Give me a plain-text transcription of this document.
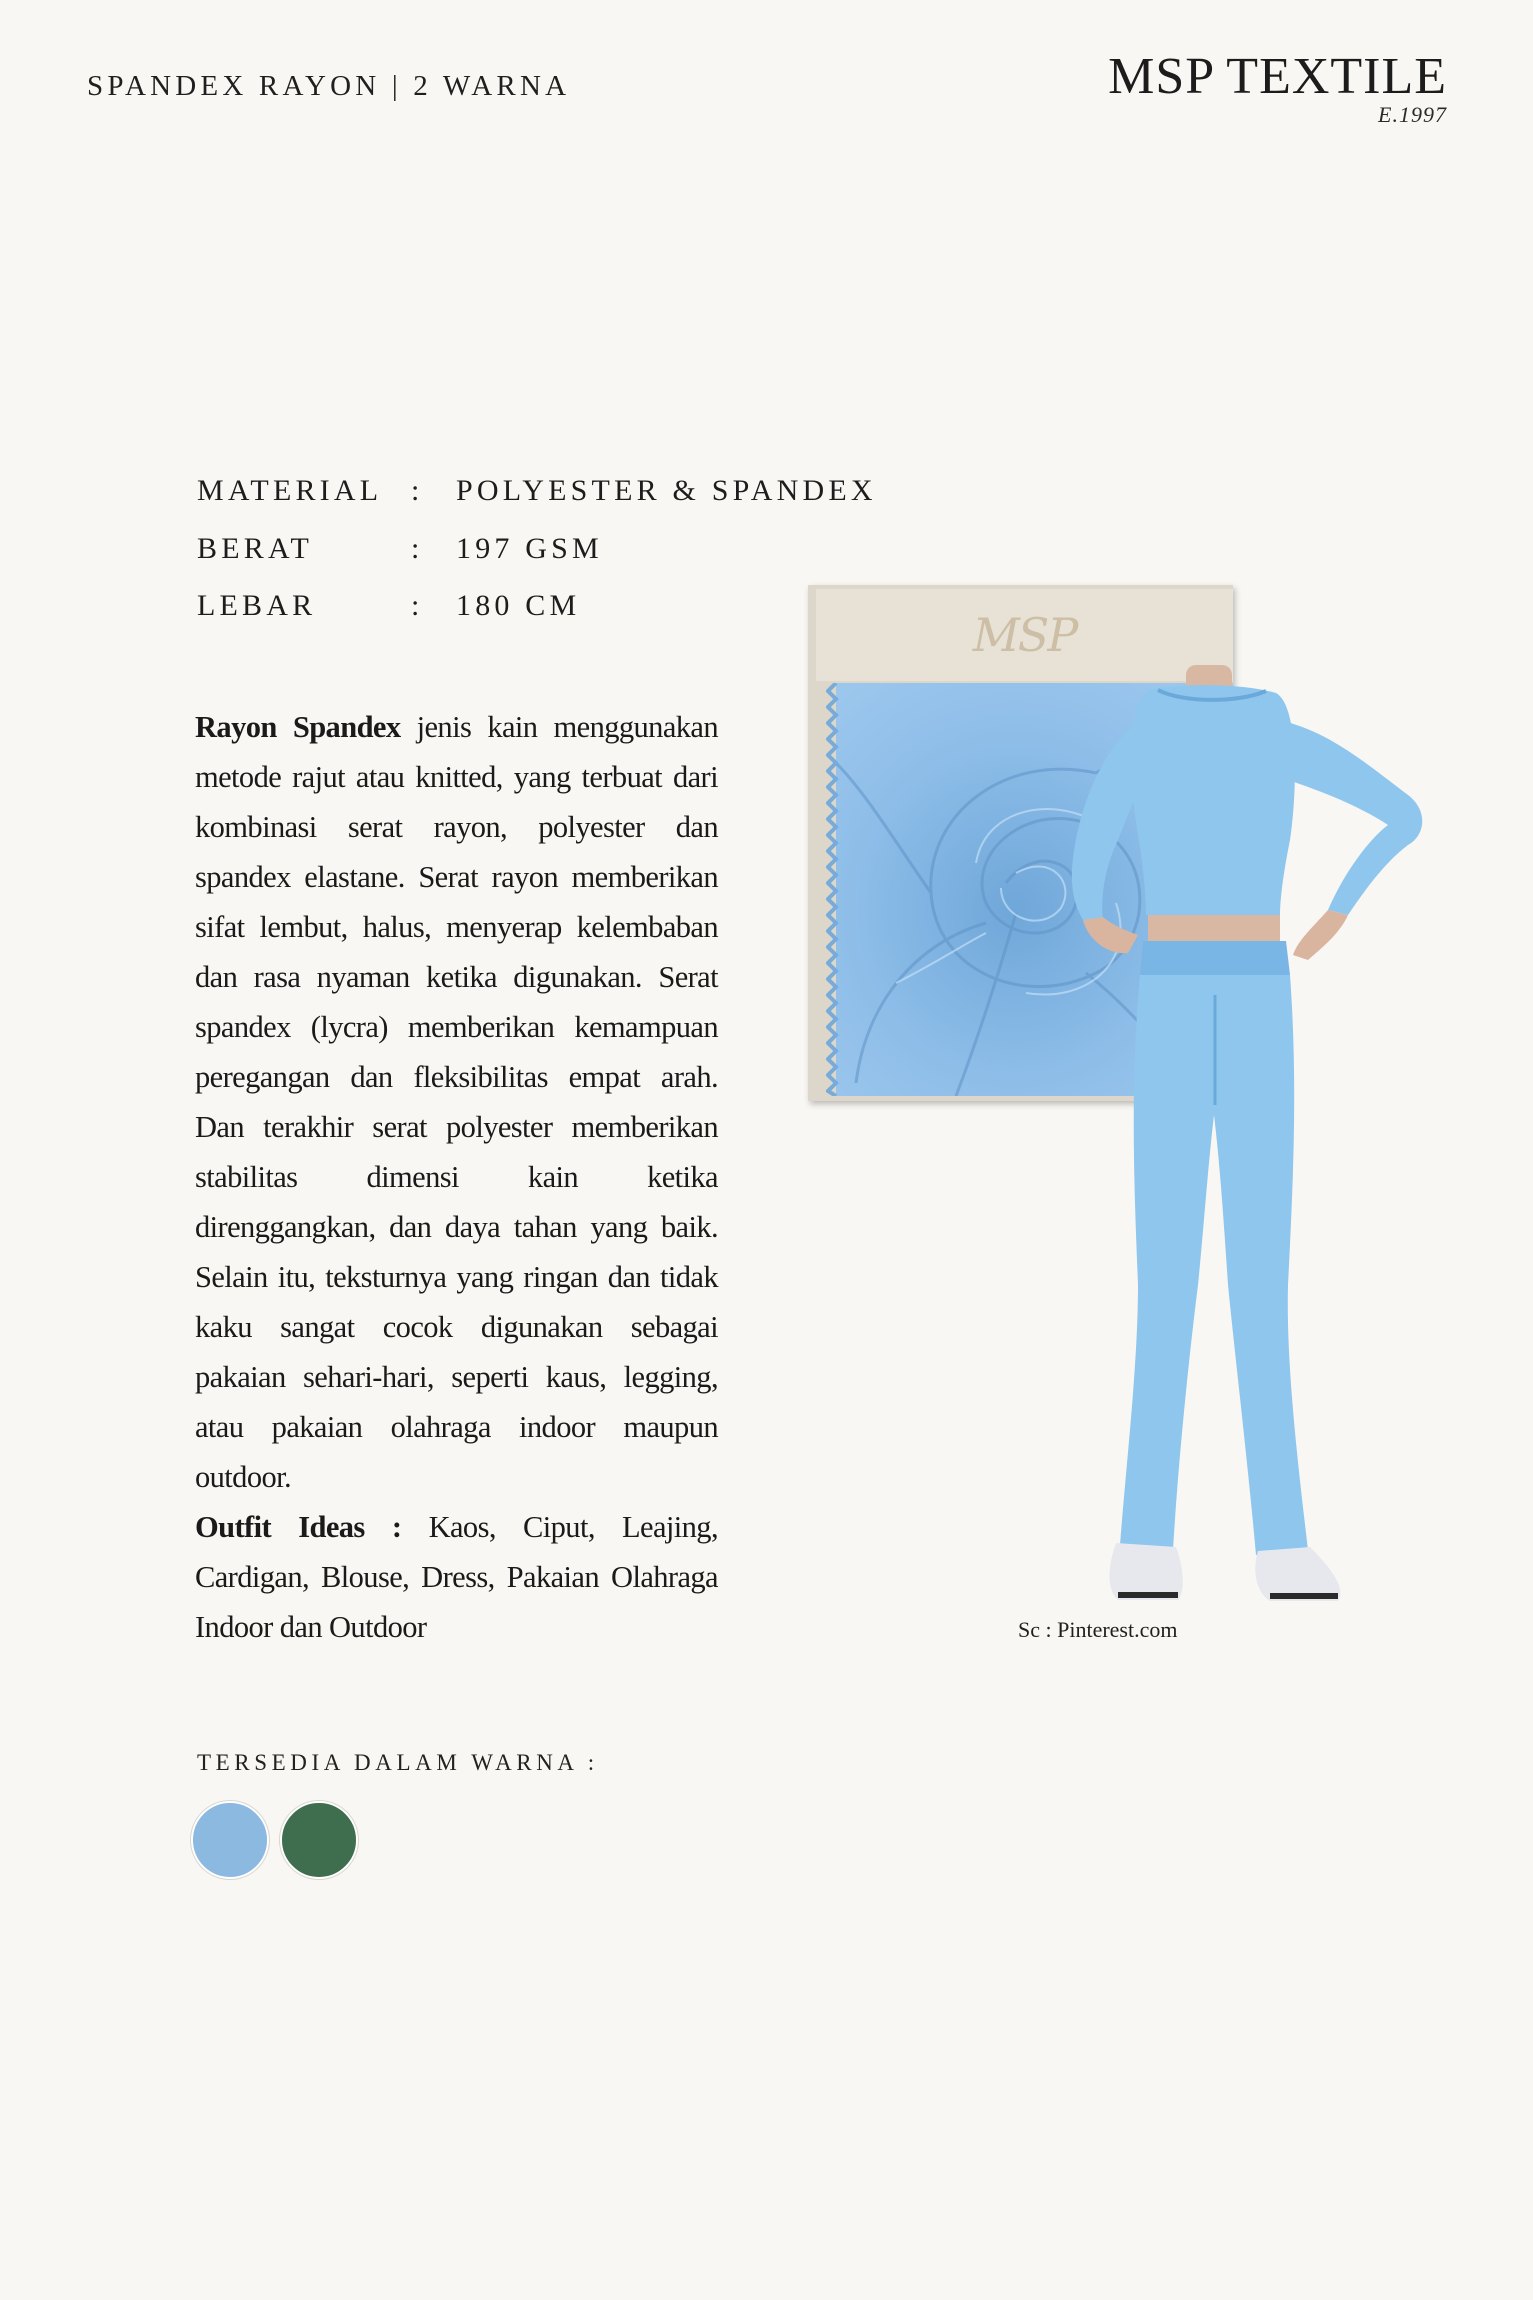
SPANDEX RAYON | 2 WARNA	MSP TEXTILE
E.1997
MATERIAL : POLYESTER & SPANDEX
BERAT	: 197 GSM
LEBAR	: 180 CM
Rayon Spandex jenis kain menggunakan metode rajut atau knitted, yang terbuat dari kombinasi serat rayon, polyester dan spandex elastane. Serat rayon memberikan sifat lembut, halus, menyerap kelembaban dan rasa nyaman ketika digunakan. Serat spandex (lycra) memberikan kemampuan peregangan dan fleksibilitas empat arah. Dan terakhir serat polyester memberikan stabilitas dimensi kain ketika direnggangkan, dan daya tahan yang baik. Selain itu, teksturnya yang ringan dan tidak kaku sangat cocok digunakan sebagai pakaian sehari-hari, seperti kaus, legging, atau pakaian olahraga indoor maupun outdoor.
Outfit Ideas : Kaos, Ciput, Leajing, Cardigan, Blouse, Dress, Pakaian Olahraga Indoor dan Outdoor
TERSEDIA DALAM WARNA :
MSP
Sc : Pinterest.com
